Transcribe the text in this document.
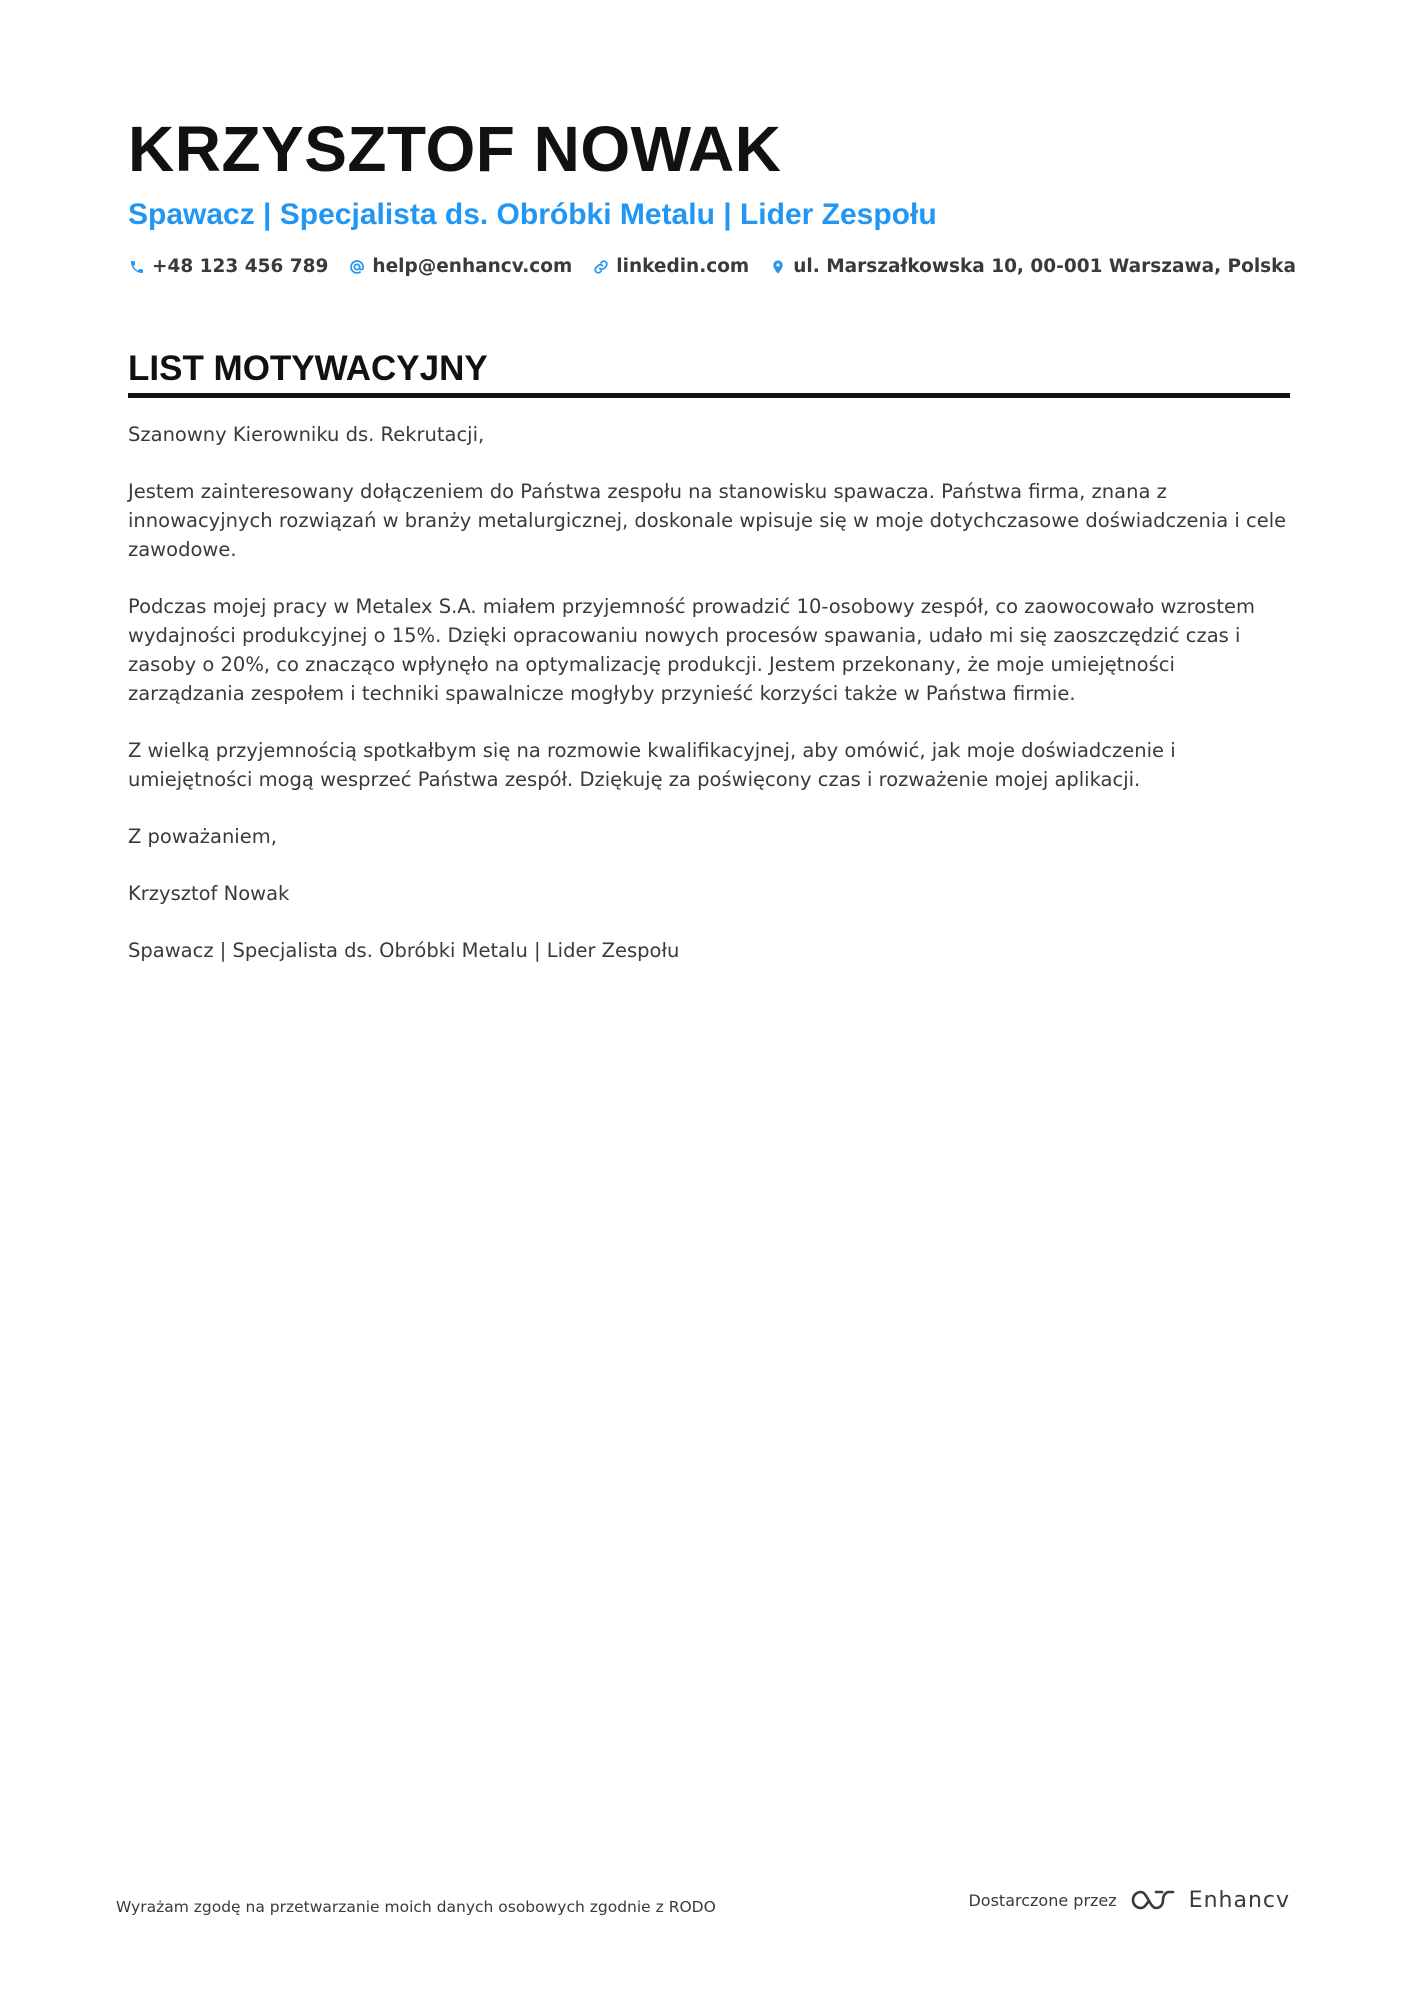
KRZYSZTOF NOWAK
Spawacz | Specjalista ds. Obróbki Metalu | Lider Zespołu
+48 123 456 789 help@enhancv.com linkedin.com ul. Marszałkowska 10, 00-001 Warszawa, Polska
LIST MOTYWACYJNY

Szanowny Kierowniku ds. Rekrutacji,

Jestem zainteresowany dołączeniem do Państwa zespołu na stanowisku spawacza. Państwa firma, znana z innowacyjnych rozwiązań w branży metalurgicznej, doskonale wpisuje się w moje dotychczasowe doświadczenia i cele zawodowe.

Podczas mojej pracy w Metalex S.A. miałem przyjemność prowadzić 10-osobowy zespół, co zaowocowało wzrostem wydajności produkcyjnej o 15%. Dzięki opracowaniu nowych procesów spawania, udało mi się zaoszczędzić czas i zasoby o 20%, co znacząco wpłynęło na optymalizację produkcji. Jestem przekonany, że moje umiejętności zarządzania zespołem i techniki spawalnicze mogłyby przynieść korzyści także w Państwa firmie.

Z wielką przyjemnością spotkałbym się na rozmowie kwalifikacyjnej, aby omówić, jak moje doświadczenie i umiejętności mogą wesprzeć Państwa zespół. Dziękuję za poświęcony czas i rozważenie mojej aplikacji.

Z poważaniem,

Krzysztof Nowak

Spawacz | Specjalista ds. Obróbki Metalu | Lider Zespołu

Wyrażam zgodę na przetwarzanie moich danych osobowych zgodnie z RODO	Dostarczone przez	Enhancv
